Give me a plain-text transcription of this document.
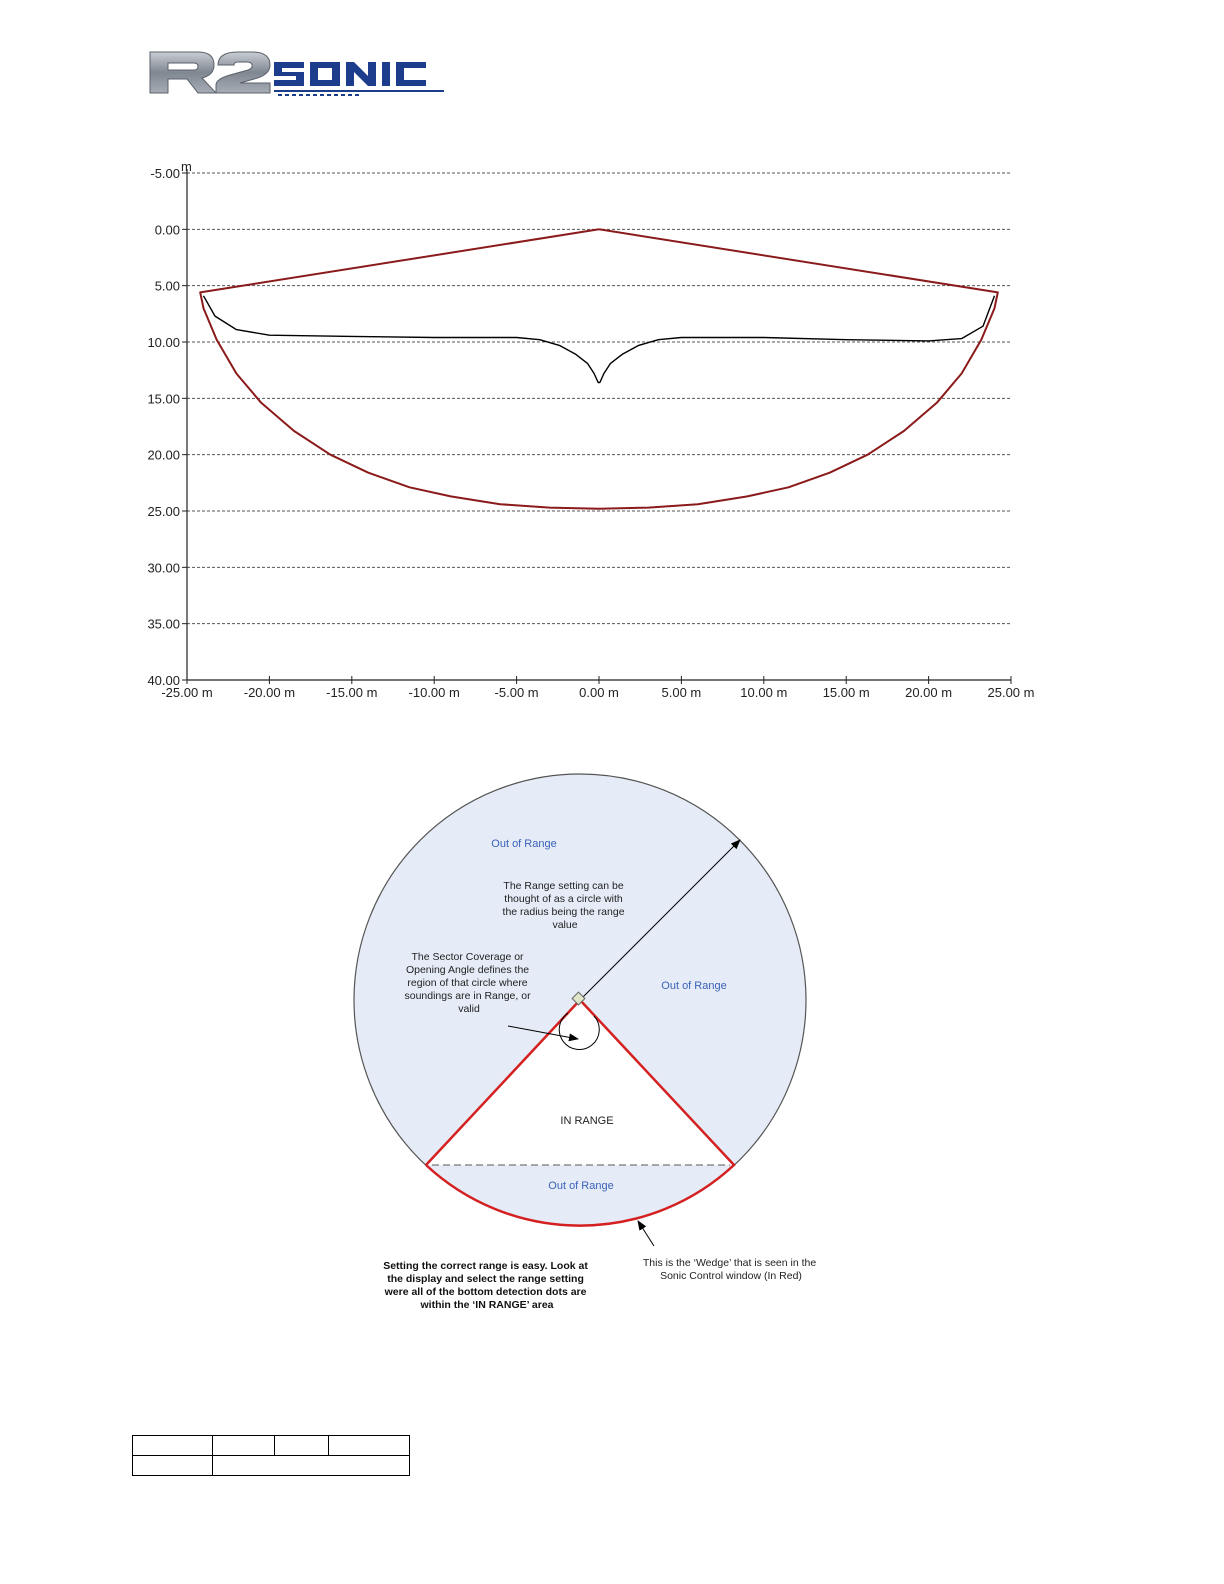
m
-5.00
0.00
5.00
10.00
15.00
20.00
25.00
30.00
35.00
40.00
-25.00 m -20.00 m -15.00 m -10.00 m	-5.00 m	0.00 m	5.00 m	10.00 m	15.00 m	20.00 m	25.00 m
Out of Range
Out of Range
Out of Range
IN RANGE
The Range setting can be thought of as a circle with the radius being the range value
The Sector Coverage or Opening Angle defines the region of that circle where soundings are in Range, or valid
Setting the correct range is easy. Look at the display and select the range setting were all of the bottom detection dots are within the ‘IN RANGE’ area
This is the ‘Wedge’ that is seen in the Sonic Control window (In Red)
